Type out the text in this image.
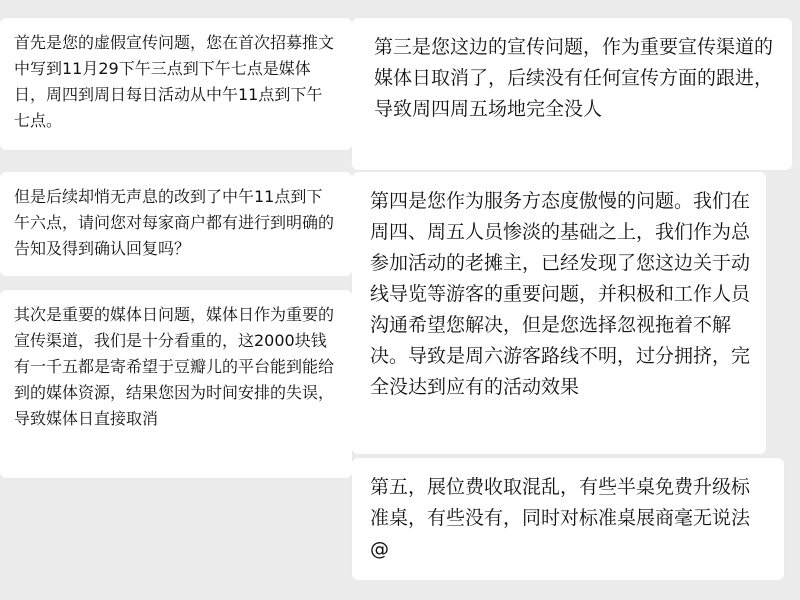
首先是您的虚假宣传问题，您在首次招募推文中写到11月29下午三点到下午七点是媒体日，周四到周日每日活动从中午11点到下午七点。
但是后续却悄无声息的改到了中午11点到下午六点，请问您对每家商户都有进行到明确的告知及得到确认回复吗？
其次是重要的媒体日问题，媒体日作为重要的宣传渠道，我们是十分看重的，这2000块钱有一千五都是寄希望于豆瓣儿的平台能到能给到的媒体资源，结果您因为时间安排的失误，导致媒体日直接取消
第三是您这边的宣传问题，作为重要宣传渠道的媒体日取消了，后续没有任何宣传方面的跟进，导致周四周五场地完全没人
第四是您作为服务方态度傲慢的问题。我们在周四、周五人员惨淡的基础之上，我们作为总参加活动的老摊主，已经发现了您这边关于动线导览等游客的重要问题，并积极和工作人员沟通希望您解决，但是您选择忽视拖着不解决。导致是周六游客路线不明，过分拥挤，完全没达到应有的活动效果
第五，展位费收取混乱，有些半桌免费升级标准桌，有些没有，同时对标准桌展商毫无说法 @
